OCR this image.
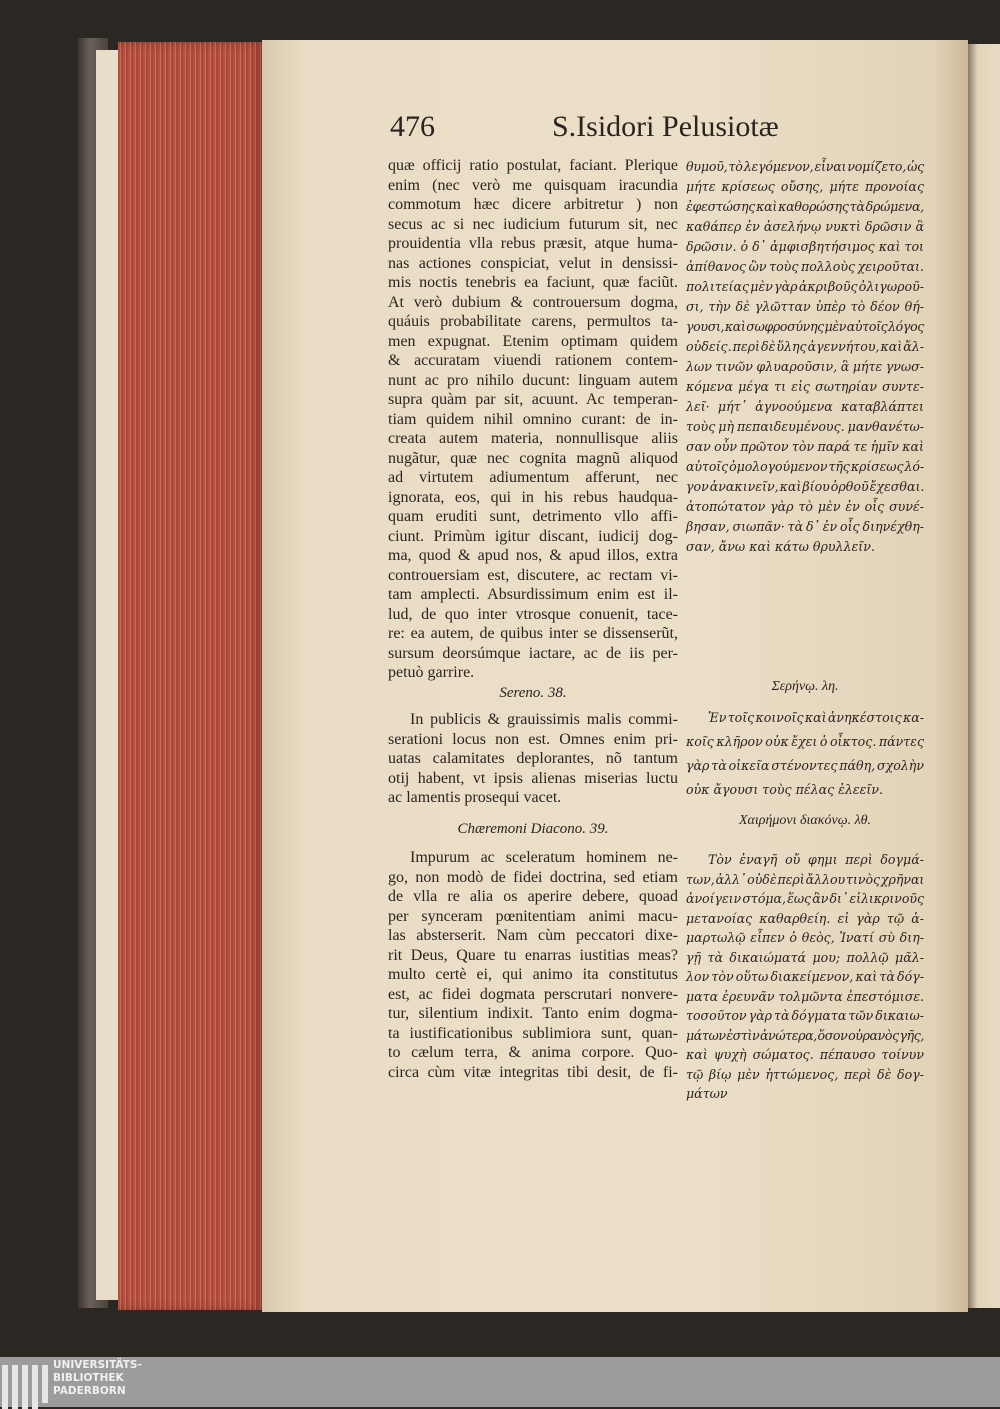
476	S.Isidori Pelusiotæ
quæ officij ratio postulat, faciant. Plerique
enim (nec verò me quisquam iracundia
commotum hæc dicere arbitretur ) non
secus ac si nec iudicium futurum sit, nec
prouidentia vlla rebus præsit, atque huma-
nas actiones conspiciat, velut in densissi-
mis noctis tenebris ea faciunt, quæ faciũt.
At verò dubium & controuersum dogma,
quáuis probabilitate carens, permultos ta-
men expugnat. Etenim optimam quidem
& accuratam viuendi rationem contem-
nunt ac pro nihilo ducunt: linguam autem
supra quàm par sit, acuunt. Ac temperan-
tiam quidem nihil omnino curant: de in-
creata autem materia, nonnullisque aliis
nugãtur, quæ nec cognita magnũ aliquod
ad virtutem adiumentum afferunt, nec
ignorata, eos, qui in his rebus haudqua-
quam eruditi sunt, detrimento vllo affi-
ciunt. Primùm igitur discant, iudicij dog-
ma, quod & apud nos, & apud illos, extra
controuersiam est, discutere, ac rectam vi-
tam amplecti. Absurdissimum enim est il-
lud, de quo inter vtrosque conuenit, tace-
re: ea autem, de quibus inter se dissenserũt,
sursum deorsúmque iactare, ac de iis per-
petuò garrire.
Sereno. 38.
In publicis & grauissimis malis commi-
serationi locus non est. Omnes enim pri-
uatas calamitates deplorantes, nõ tantum
otij habent, vt ipsis alienas miserias luctu
ac lamentis prosequi vacet.
Chæremoni Diacono. 39.
Impurum ac sceleratum hominem ne-
go, non modò de fidei doctrina, sed etiam
de vlla re alia os aperire debere, quoad
per synceram pœnitentiam animi macu-
las absterserit. Nam cùm peccatori dixe-
rit Deus, Quare tu enarras iustitias meas?
multo certè ei, qui animo ita constitutus
est, ac fidei dogmata perscrutari nonvere-
tur, silentium indixit. Tanto enim dogma-
ta iustificationibus sublimiora sunt, quan-
to cælum terra, & anima corpore. Quo-
circa cùm vitæ integritas tibi desit, de fi-
θυμοῦ, τὸ λεγόμενον, εἶναι νομίζετο, ὡς
μήτε κρίσεως οὔσης, μήτε προνοίας
ἐφεστώσης καὶ καθορώσης τὰ δρώμενα,
καθάπερ ἐν ἀσελήνῳ νυκτὶ δρῶσιν ἃ
δρῶσιν. ὁ δ᾽ ἀμφισβητήσιμος καὶ τοι
ἀπίθανος ὢν τοὺς πολλοὺς χειροῦται.
πολιτείας μὲν γὰρ ἀκριβοῦς ὀλιγωροῦ-
σι, τὴν δὲ γλῶτταν ὑπὲρ τὸ δέον θή-
γουσι, καὶ σωφροσύνης μὲν αὐτοῖς λόγος
οὐδείς. περὶ δὲ ὕλης ἀγεννήτου, καὶ ἄλ-
λων τινῶν φλυαροῦσιν, ἃ μήτε γνωσ-
κόμενα μέγα τι εἰς σωτηρίαν συντε-
λεῖ· μήτ᾽ ἀγνοούμενα καταβλάπτει
τοὺς μὴ πεπαιδευμένους. μανθανέτω-
σαν οὖν πρῶτον τὸν παρά τε ἡμῖν καὶ
αὐτοῖς ὁμολογούμενον τῆς κρίσεως λό-
γον ἀνακινεῖν, καὶ βίου ὀρθοῦ ἔχεσθαι.
ἀτοπώτατον γὰρ τὸ μὲν ἐν οἷς συνέ-
βησαν, σιωπᾶν· τὰ δ᾽ ἐν οἷς διηνέχθη-
σαν, ἄνω καὶ κάτω θρυλλεῖν.
Σερήνῳ. λη.
Ἐν τοῖς κοινοῖς καὶ ἀνηκέστοις κα-
κοῖς κλῆρον οὐκ ἔχει ὁ οἶκτος. πάντες
γὰρ τὰ οἰκεῖα στένοντες πάθη, σχολὴν
οὐκ ἄγουσι τοὺς πέλας ἐλεεῖν.
Χαιρήμονι διακόνῳ. λθ.
Τὸν ἐναγῆ οὔ φημι περὶ δογμά-
των, ἀλλ᾽ οὐδὲ περὶ ἄλλου τινὸς χρῆναι
ἀνοίγειν στόμα, ἕως ἂν δι᾽ εἰλικρινοῦς
μετανοίας καθαρθείη. εἰ γὰρ τῷ ἁ-
μαρτωλῷ εἶπεν ὁ θεὸς, Ἱνατί σὺ διη-
γῇ τὰ δικαιώματά μου; πολλῷ μᾶλ-
λον τὸν οὕτω διακείμενον, καὶ τὰ δόγ-
ματα ἐρευνᾶν τολμῶντα ἐπεστόμισε.
τοσοῦτον γὰρ τὰ δόγματα τῶν δικαιω-
μάτων ἐστὶν ἀνώτερα, ὅσον οὐρανὸς γῆς,
καὶ ψυχὴ σώματος. πέπαυσο τοίνυν
τῷ βίῳ μὲν ἡττώμενος, περὶ δὲ δογ-
μάτων
UNIVERSITÄTS-
BIBLIOTHEK
PADERBORN
